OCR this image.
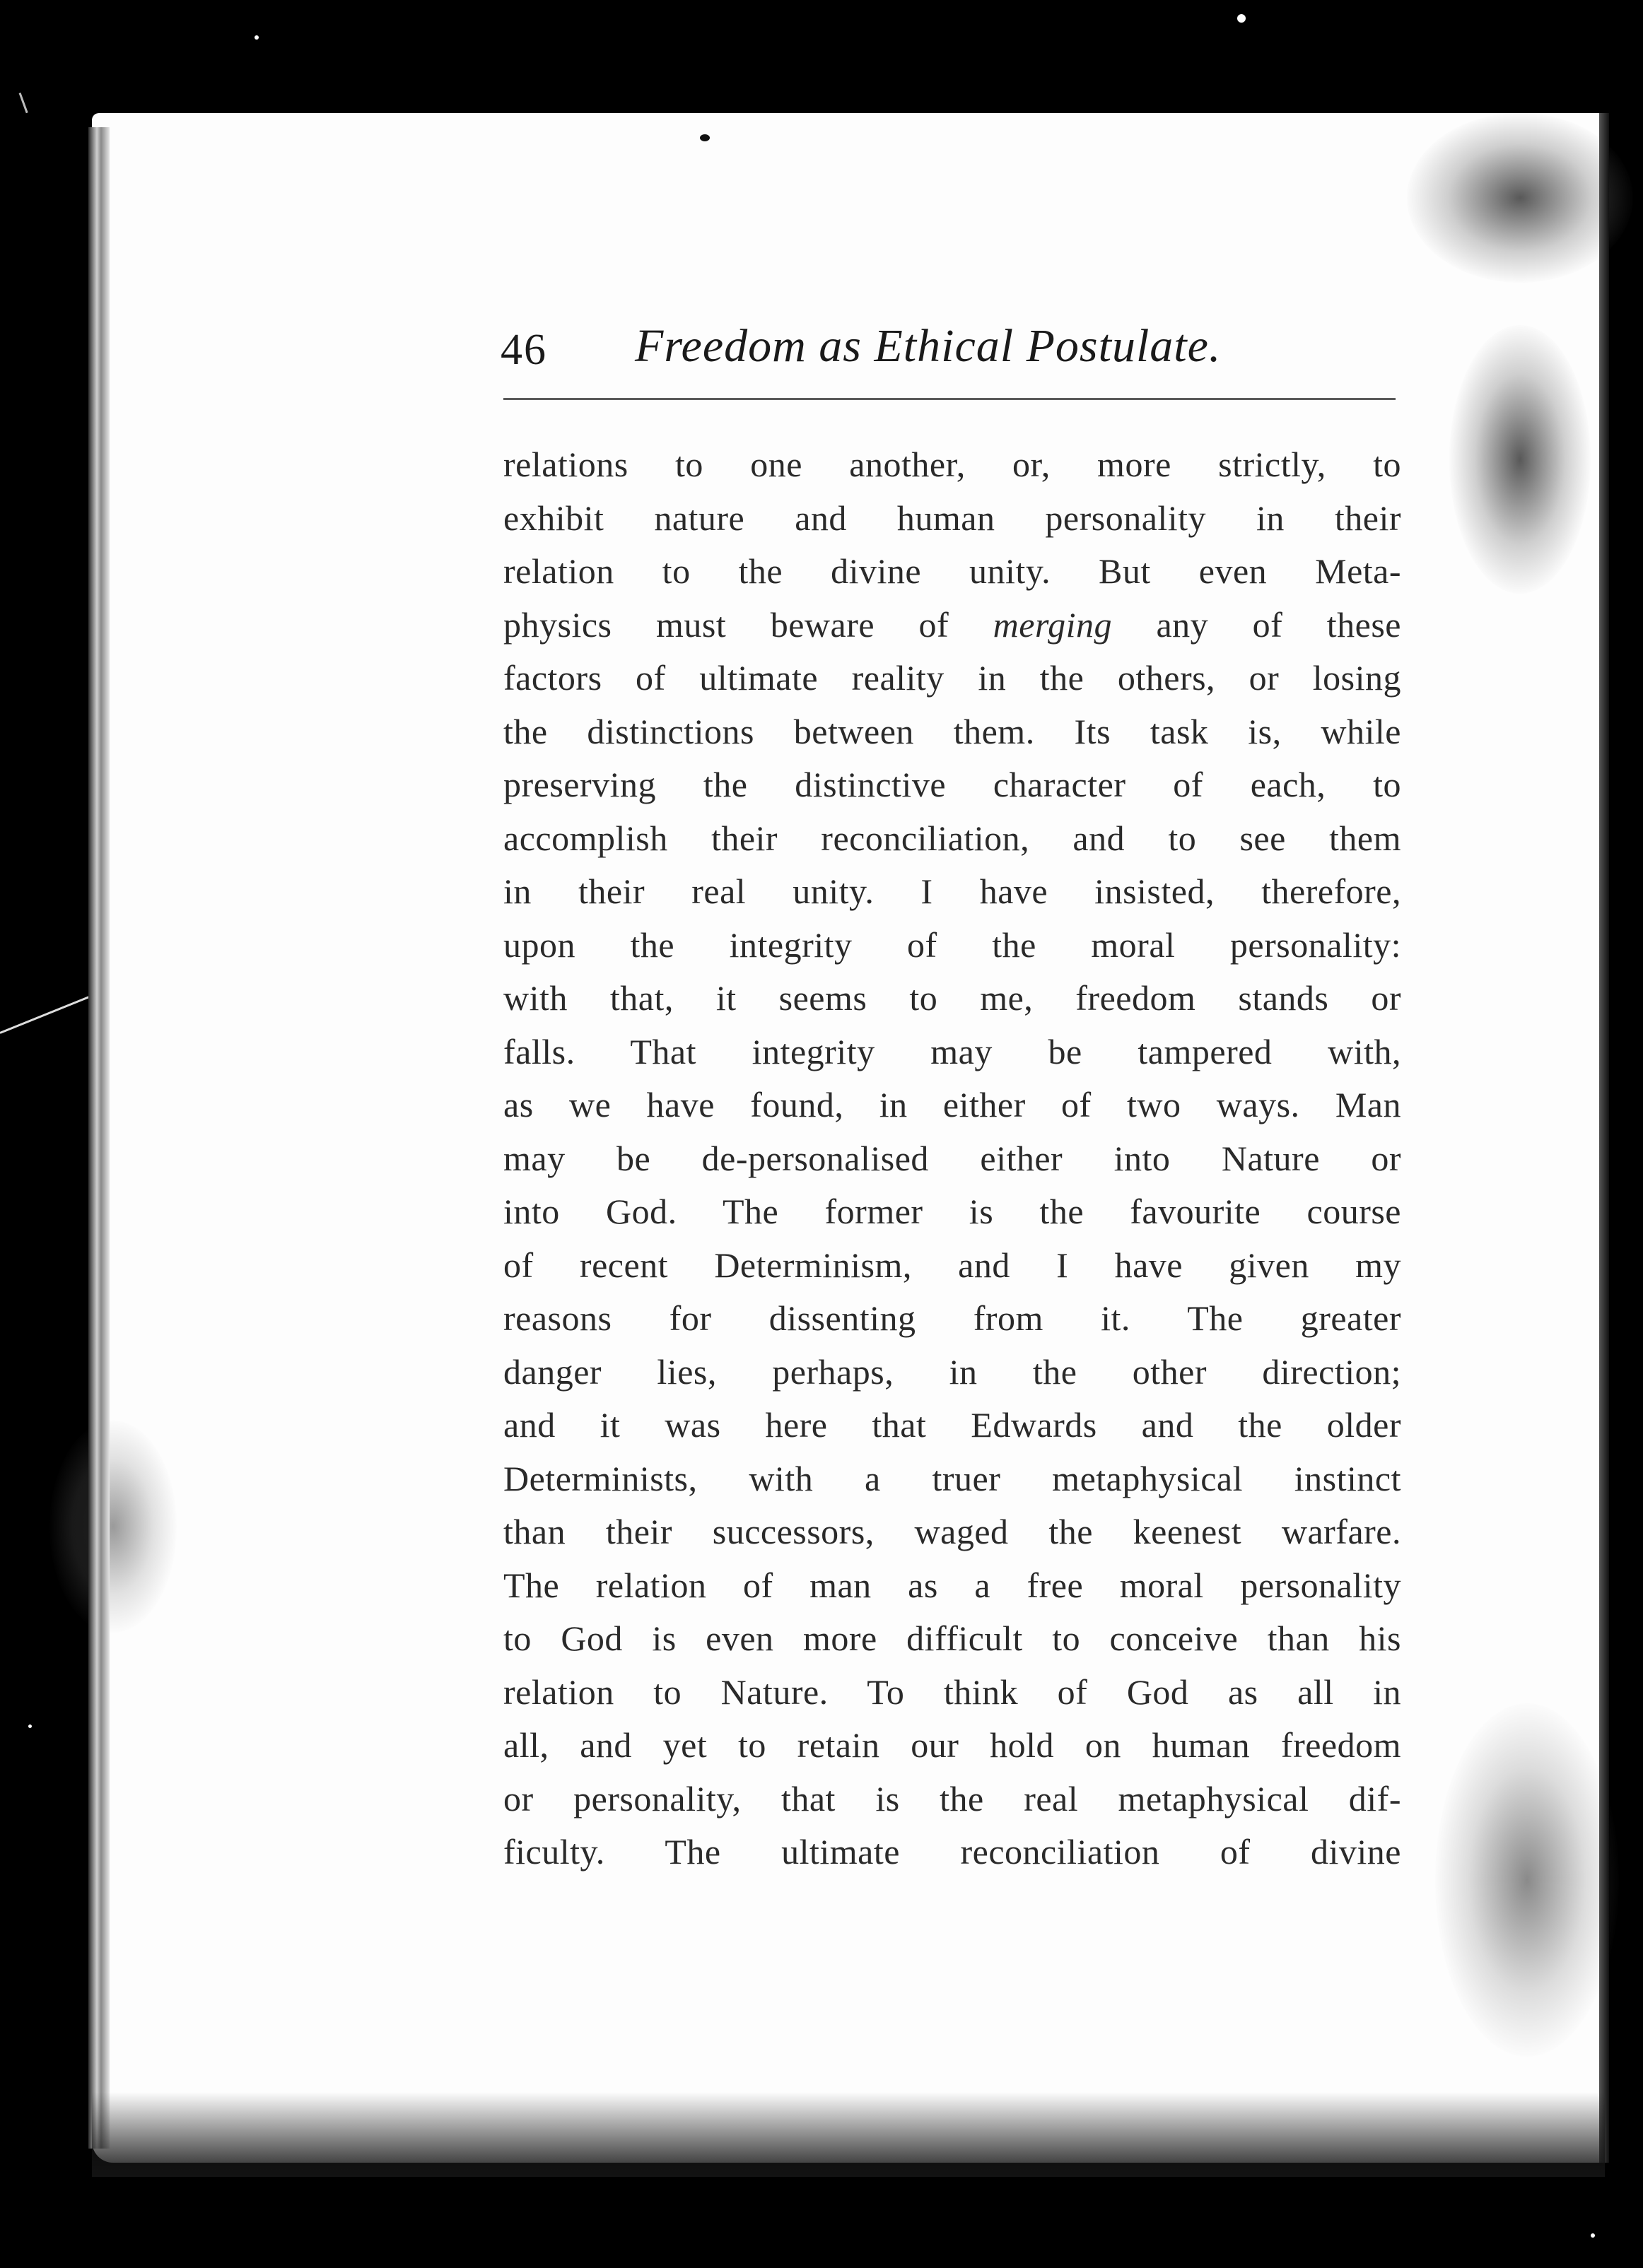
46 Freedom as Ethical Postulate.
relations to one another, or, more strictly, to
exhibit nature and human personality in their
relation to the divine unity. But even Meta-
physics must beware of merging any of these
factors of ultimate reality in the others, or losing
the distinctions between them. Its task is, while
preserving the distinctive character of each, to
accomplish their reconciliation, and to see them
in their real unity. I have insisted, therefore,
upon the integrity of the moral personality:
with that, it seems to me, freedom stands or
falls. That integrity may be tampered with,
as we have found, in either of two ways. Man
may be de-personalised either into Nature or
into God. The former is the favourite course
of recent Determinism, and I have given my
reasons for dissenting from it. The greater
danger lies, perhaps, in the other direction;
and it was here that Edwards and the older
Determinists, with a truer metaphysical instinct
than their successors, waged the keenest warfare.
The relation of man as a free moral personality
to God is even more difficult to conceive than his
relation to Nature. To think of God as all in
all, and yet to retain our hold on human freedom
or personality, that is the real metaphysical dif-
ficulty. The ultimate reconciliation of divine
